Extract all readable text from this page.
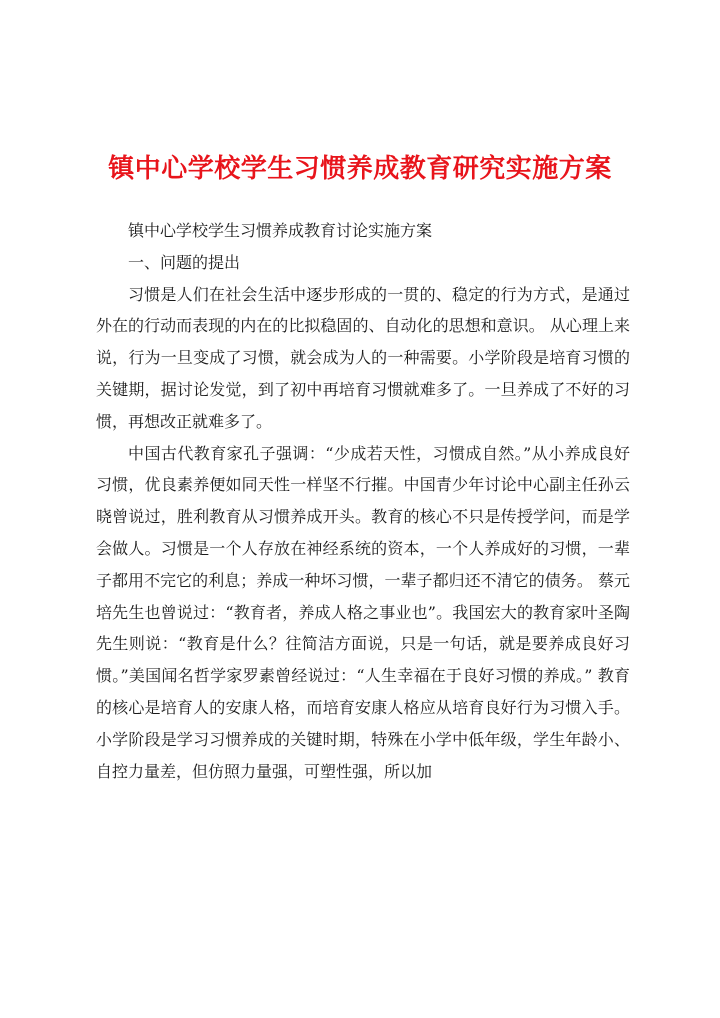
镇中心学校学生习惯养成教育研究实施方案

镇中心学校学生习惯养成教育讨论实施方案

一、问题的提出

习惯是人们在社会生活中逐步形成的一贯的、稳定的行为方式，是通过外在的行动而表现的内在的比拟稳固的、自动化的思想和意识。 从心理上来说，行为一旦变成了习惯，就会成为人的一种需要。小学阶段是培育习惯的关键期，据讨论发觉，到了初中再培育习惯就难多了。一旦养成了不好的习惯，再想改正就难多了。

中国古代教育家孔子强调：“少成若天性，习惯成自然。”从小养成良好习惯，优良素养便如同天性一样坚不行摧。中国青少年讨论中心副主任孙云晓曾说过，胜利教育从习惯养成开头。教育的核心不只是传授学问，而是学会做人。习惯是一个人存放在神经系统的资本，一个人养成好的习惯，一辈子都用不完它的利息；养成一种坏习惯，一辈子都归还不清它的债务。 蔡元培先生也曾说过：“教育者，养成人格之事业也”。我国宏大的教育家叶圣陶先生则说：“教育是什么？往简洁方面说，只是一句话，就是要养成良好习惯。”美国闻名哲学家罗素曾经说过：“人生幸福在于良好习惯的养成。” 教育的核心是培育人的安康人格，而培育安康人格应从培育良好行为习惯入手。小学阶段是学习习惯养成的关键时期，特殊在小学中低年级，学生年龄小、自控力量差，但仿照力量强，可塑性强，所以加
